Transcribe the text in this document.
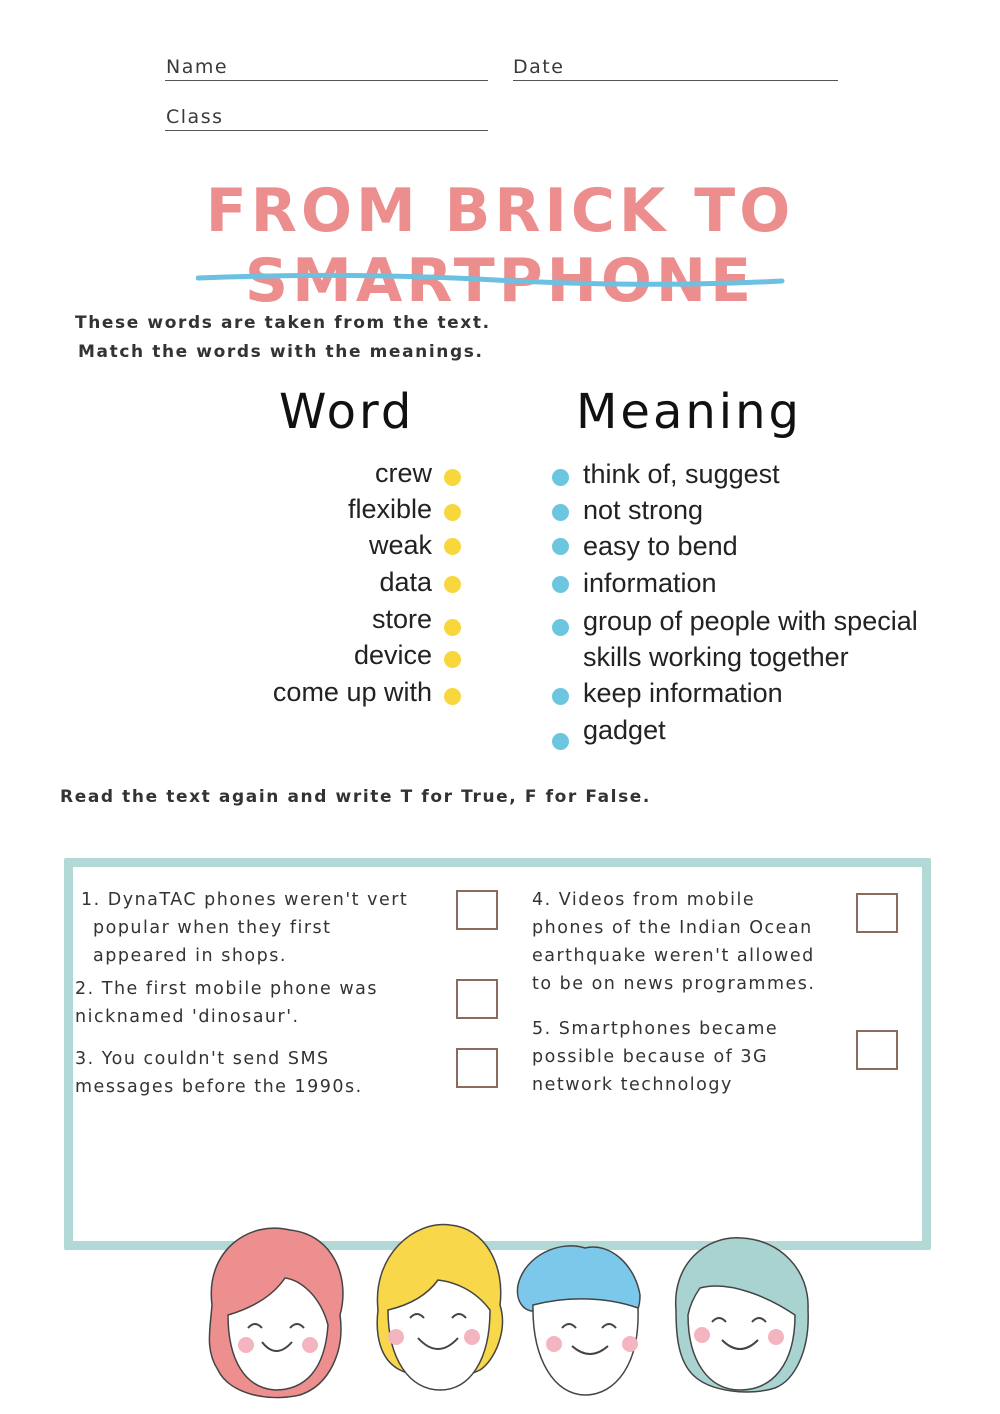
Name	Date
Class
FROM BRICK TO SMARTPHONE
These words are taken from the text.
Match the words with the meanings.
Word	Meaning
crew
flexible
weak
data
store
device
come up with
think of, suggest
not strong
easy to bend
information
group of people with special
skills working together
keep information
gadget
Read the text again and write T for True, F for False.
1. DynaTAC phones weren't vert
popular when they first
appeared in shops.
2. The first mobile phone was
nicknamed 'dinosaur'.
3. You couldn't send SMS
messages before the 1990s.
4. Videos from mobile
phones of the Indian Ocean
earthquake weren't allowed
to be on news programmes.
5. Smartphones became
possible because of 3G
network technology
